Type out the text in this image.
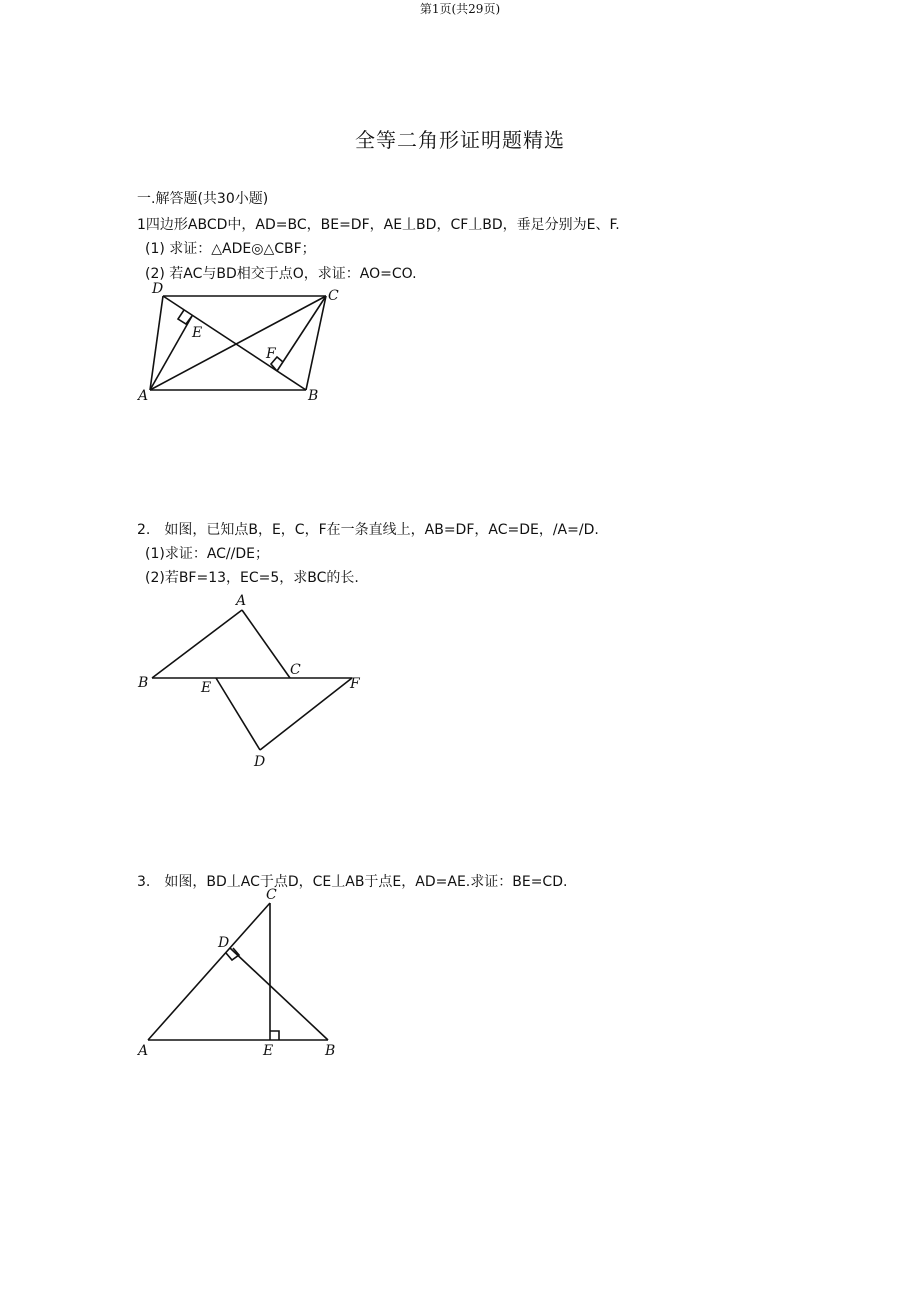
第1页(共29页)
全等二角形证明题精选
一.解答题(共30小题)
1四边形ABCD中，AD=BC，BE=DF，AE丄BD，CF丄BD，垂足分别为E、F.
(1) 求证：△ADE◎△CBF；
(2) 若AC与BD相交于点O，求证：AO=CO.
D	C
E
F
A	B
2.　如图，已知点B，E，C，F在一条直线上，AB=DF，AC=DE，/A=/D.
(1)求证：AC//DE；
(2)若BF=13，EC=5，求BC的长.
A
C
B	E	F
D
3.　如图，BD丄AC于点D，CE丄AB于点E，AD=AE.求证：BE=CD.
C
D
A	E	B
